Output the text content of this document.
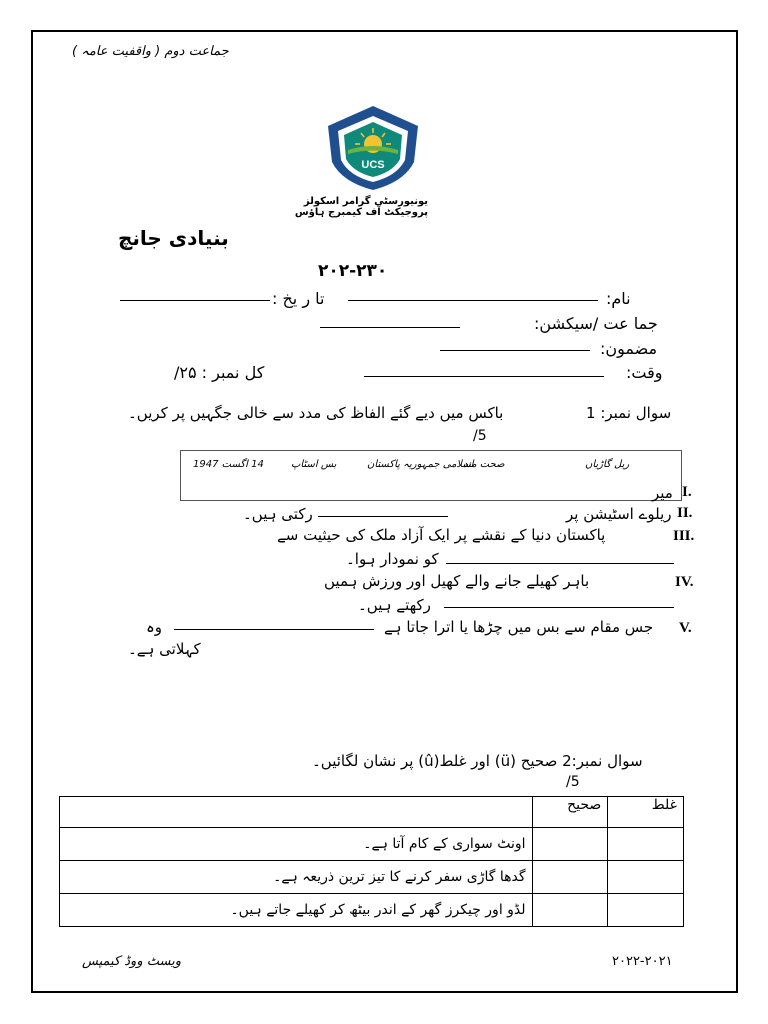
جماعت دوم ( واقفیت عامہ )
UCS
یونیورسٹی گرامر اسکولز
پروجیکٹ آف کیمبرج ہاؤس
بنیادی جانچ
۲۰۲-۲۳۰
تا ر یخ :	نام:
جما عت /سیکشن:
مضمون:
کل نمبر : ۲۵/	وقت:
باکس میں دیے گئے الفاظ کی مدد سے خالی جگہیں پر کریں۔	سوال نمبر: 1
/5
ریل گاڑیاں
صحت مند
اسلامی جمہوریہ پاکستان
بس اسٹاپ
14 اگست 1947
میر I.
رکتی ہیں۔	ریلوے اسٹیشن پر II.
پاکستان دنیا کے نقشے پر ایک آزاد ملک کی حیثیت سے	III.
کو نمودار ہوا۔
باہر کھیلے جانے والے کھیل اور ورزش ہمیں	IV.
رکھتے ہیں۔
وہ	جس مقام سے بس میں چڑھا یا اترا جاتا ہے V.
کہلاتی ہے۔
سوال نمبر:2 صحیح (ü) اور غلط(û) پر نشان لگائیں۔
/5
	صحیح	غلط
اونٹ سواری کے کام آتا ہے۔		
گدھا گاڑی سفر کرنے کا تیز ترین ذریعہ ہے۔		
لڈو اور چیکرز گھر کے اندر بیٹھ کر کھیلے جاتے ہیں۔		
ویسٹ ووڈ کیمپس	۲۰۲۲-۲۰۲۱
